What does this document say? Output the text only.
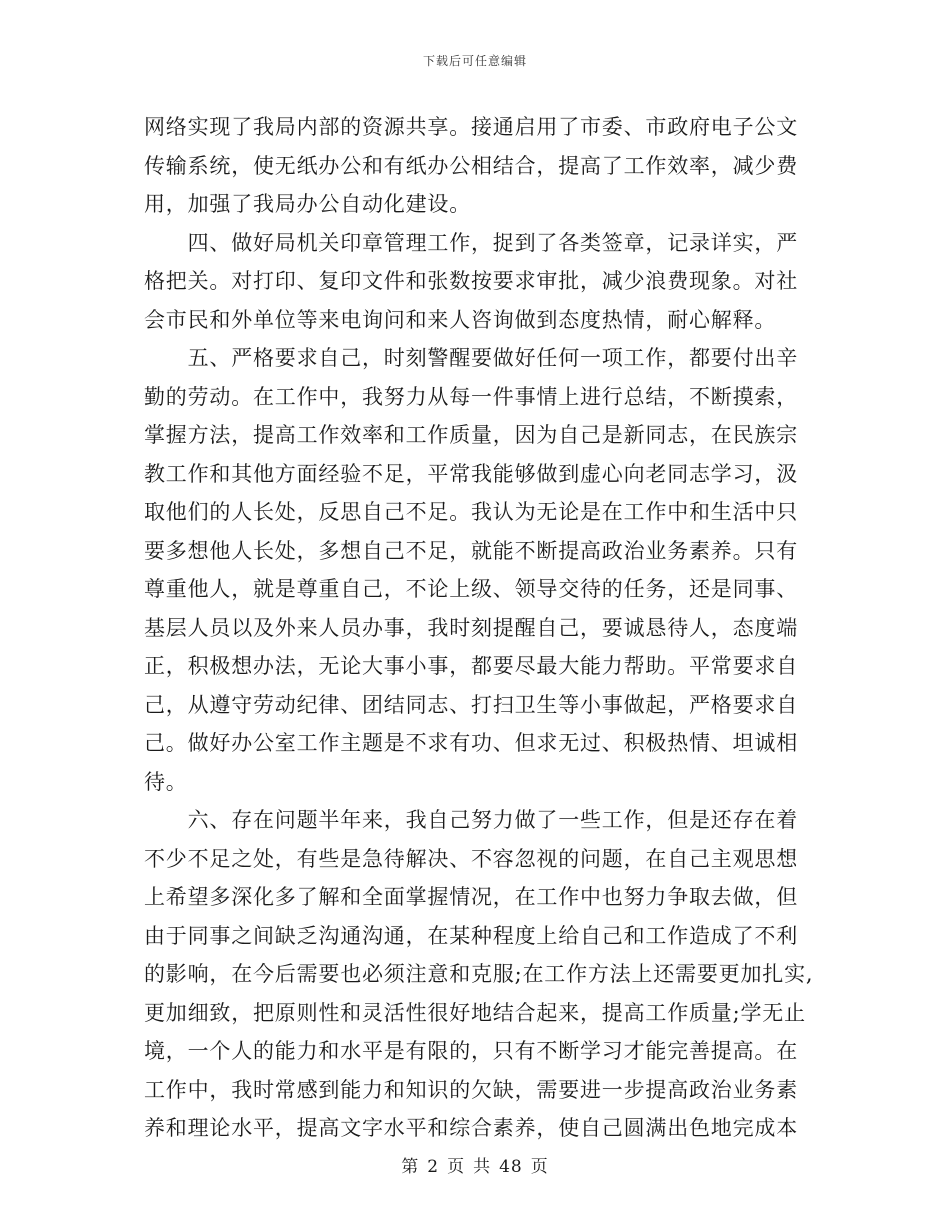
下载后可任意编辑
网络实现了我局内部的资源共享。接通启用了市委、市政府电子公文
传输系统，使无纸办公和有纸办公相结合，提高了工作效率，减少费
用，加强了我局办公自动化建设。
　　四、做好局机关印章管理工作，捉到了各类签章，记录详实，严
格把关。对打印、复印文件和张数按要求审批，减少浪费现象。对社
会市民和外单位等来电询问和来人咨询做到态度热情，耐心解释。
　　五、严格要求自己，时刻警醒要做好任何一项工作，都要付出辛
勤的劳动。在工作中，我努力从每一件事情上进行总结，不断摸索，
掌握方法，提高工作效率和工作质量，因为自己是新同志，在民族宗
教工作和其他方面经验不足，平常我能够做到虚心向老同志学习，汲
取他们的人长处，反思自己不足。我认为无论是在工作中和生活中只
要多想他人长处，多想自己不足，就能不断提高政治业务素养。只有
尊重他人，就是尊重自己，不论上级、领导交待的任务，还是同事、
基层人员以及外来人员办事，我时刻提醒自己，要诚恳待人，态度端
正，积极想办法，无论大事小事，都要尽最大能力帮助。平常要求自
己，从遵守劳动纪律、团结同志、打扫卫生等小事做起，严格要求自
己。做好办公室工作主题是不求有功、但求无过、积极热情、坦诚相
待。
　　六、存在问题半年来，我自己努力做了一些工作，但是还存在着
不少不足之处，有些是急待解决、不容忽视的问题，在自己主观思想
上希望多深化多了解和全面掌握情况，在工作中也努力争取去做，但
由于同事之间缺乏沟通沟通，在某种程度上给自己和工作造成了不利
的影响，在今后需要也必须注意和克服;在工作方法上还需要更加扎实,
更加细致，把原则性和灵活性很好地结合起来，提高工作质量;学无止
境，一个人的能力和水平是有限的，只有不断学习才能完善提高。在
工作中，我时常感到能力和知识的欠缺，需要进一步提高政治业务素
养和理论水平，提高文字水平和综合素养，使自己圆满出色地完成本
第 2 页 共 48 页
